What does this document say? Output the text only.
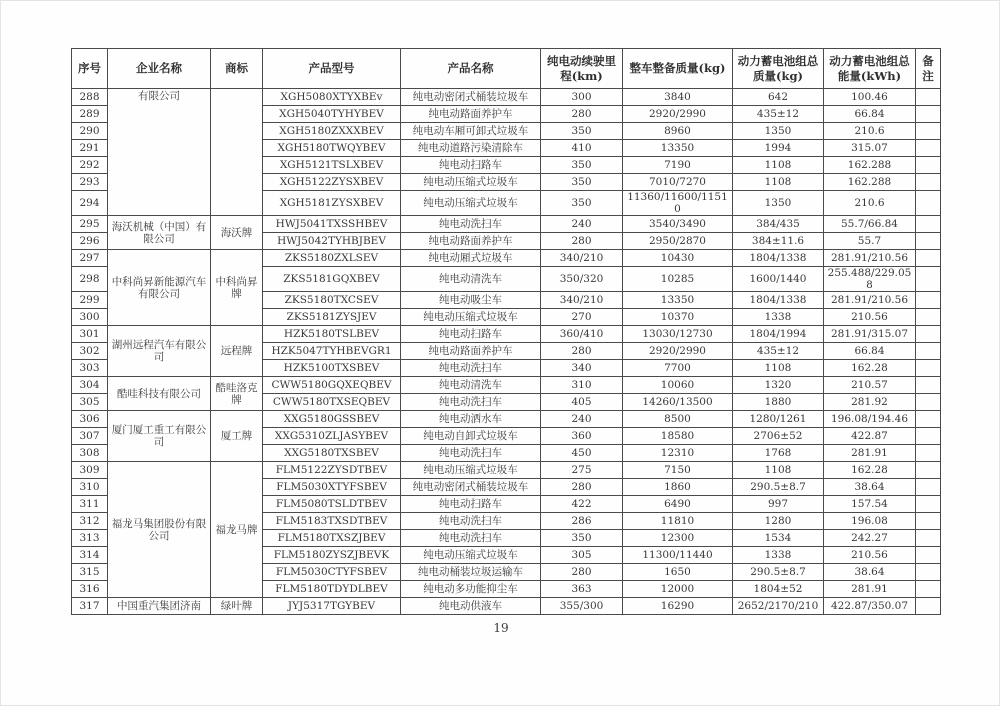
序号	企业名称	商标	产品型号	产品名称	纯电动续驶里程(km)	整车整备质量(kg)	动力蓄电池组总质量(kg)	动力蓄电池组总能量(kWh)	备注
288	有限公司		XGH5080XTYXBEv	纯电动密闭式桶装垃圾车	300	3840	642	100.46	
289			XGH5040TYHYBEV	纯电动路面养护车	280	2920/2990	435±12	66.84	
290			XGH5180ZXXXBEV	纯电动车厢可卸式垃圾车	350	8960	1350	210.6	
291			XGH5180TWQYBEV	纯电动道路污染清除车	410	13350	1994	315.07	
292			XGH5121TSLXBEV	纯电动扫路车	350	7190	1108	162.288	
293			XGH5122ZYSXBEV	纯电动压缩式垃圾车	350	7010/7270	1108	162.288	
294			XGH5181ZYSXBEV	纯电动压缩式垃圾车	350	11360/11600/11510	1350	210.6	
295	海沃机械（中国）有限公司	海沃牌	HWJ5041TXSSHBEV	纯电动洗扫车	240	3540/3490	384/435	55.7/66.84	
296			HWJ5042TYHBJBEV	纯电动路面养护车	280	2950/2870	384±11.6	55.7	
297	中科尚昇新能源汽车有限公司	中科尚昇牌	ZKS5180ZXLSEV	纯电动厢式垃圾车	340/210	10430	1804/1338	281.91/210.56	
298			ZKS5181GQXBEV	纯电动清洗车	350/320	10285	1600/1440	255.488/229.058	
299			ZKS5180TXCSEV	纯电动吸尘车	340/210	13350	1804/1338	281.91/210.56	
300			ZKS5181ZYSJEV	纯电动压缩式垃圾车	270	10370	1338	210.56	
301	湖州远程汽车有限公司	远程牌	HZK5180TSLBEV	纯电动扫路车	360/410	13030/12730	1804/1994	281.91/315.07	
302			HZK5047TYHBEVGR1	纯电动路面养护车	280	2920/2990	435±12	66.84	
303			HZK5100TXSBEV	纯电动洗扫车	340	7700	1108	162.28	
304	酷哇科技有限公司	酷哇洛克牌	CWW5180GQXEQBEV	纯电动清洗车	310	10060	1320	210.57	
305			CWW5180TXSEQBEV	纯电动洗扫车	405	14260/13500	1880	281.92	
306	厦门厦工重工有限公司	厦工牌	XXG5180GSSBEV	纯电动洒水车	240	8500	1280/1261	196.08/194.46	
307			XXG5310ZLJASYBEV	纯电动自卸式垃圾车	360	18580	2706±52	422.87	
308			XXG5180TXSBEV	纯电动洗扫车	450	12310	1768	281.91	
309	福龙马集团股份有限公司	福龙马牌	FLM5122ZYSDTBEV	纯电动压缩式垃圾车	275	7150	1108	162.28	
310			FLM5030XTYFSBEV	纯电动密闭式桶装垃圾车	280	1860	290.5±8.7	38.64	
311			FLM5080TSLDTBEV	纯电动扫路车	422	6490	997	157.54	
312			FLM5183TXSDTBEV	纯电动洗扫车	286	11810	1280	196.08	
313			FLM5180TXSZJBEV	纯电动洗扫车	350	12300	1534	242.27	
314			FLM5180ZYSZJBEVK	纯电动压缩式垃圾车	305	11300/11440	1338	210.56	
315			FLM5030CTYFSBEV	纯电动桶装垃圾运输车	280	1650	290.5±8.7	38.64	
316			FLM5180TDYDLBEV	纯电动多功能抑尘车	363	12000	1804±52	281.91	
317	中国重汽集团济南	绿叶牌	JYJ5317TGYBEV	纯电动供液车	355/300	16290	2652/2170/210	422.87/350.07	
19
